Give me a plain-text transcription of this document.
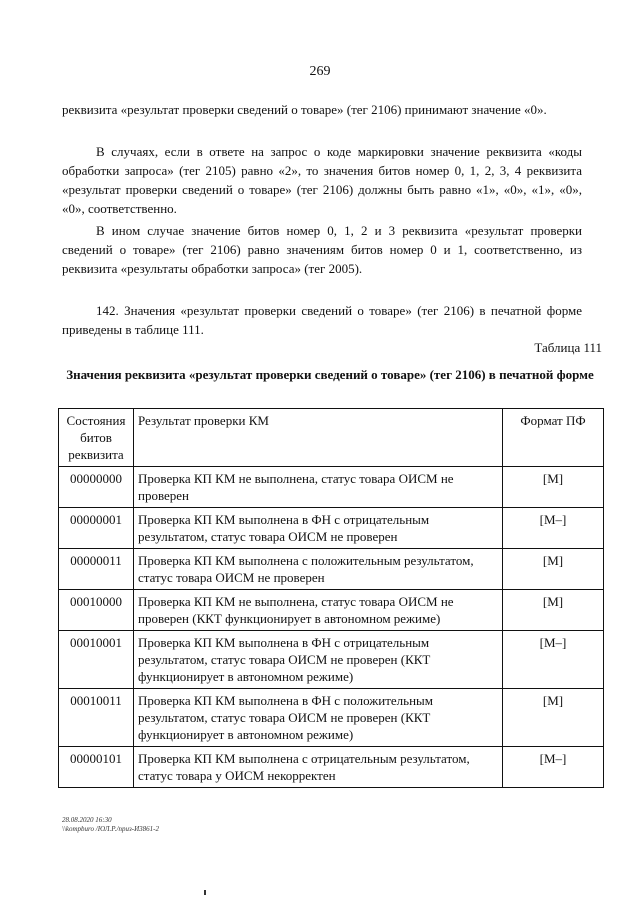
269

реквизита «результат проверки сведений о товаре» (тег 2106) принимают значение «0».

В случаях, если в ответе на запрос о коде маркировки значение реквизита «коды обработки запроса» (тег 2105) равно «2», то значения битов номер 0, 1, 2, 3, 4 реквизита «результат проверки сведений о товаре» (тег 2106) должны быть равно «1», «0», «1», «0», «0», соответственно.

В ином случае значение битов номер 0, 1, 2 и 3 реквизита «результат проверки сведений о товаре» (тег 2106) равно значениям битов номер 0 и 1, соответственно, из реквизита «результаты обработки запроса» (тег 2005).

142. Значения «результат проверки сведений о товаре» (тег 2106) в печатной форме приведены в таблице 111.

Таблица 111
Значения реквизита «результат проверки сведений о товаре» (тег 2106) в печатной форме
Состояния битов реквизита	Результат проверки КМ	Формат ПФ
00000000	Проверка КП КМ не выполнена, статус товара ОИСМ не проверен	[M]
00000001	Проверка КП КМ выполнена в ФН с отрицательным результатом, статус товара ОИСМ не проверен	[M–]
00000011	Проверка КП КМ выполнена с положительным результатом, статус товара ОИСМ не проверен	[M]
00010000	Проверка КП КМ не выполнена, статус товара ОИСМ не проверен (ККТ функционирует в автономном режиме)	[M]
00010001	Проверка КП КМ выполнена в ФН с отрицательным результатом, статус товара ОИСМ не проверен (ККТ функционирует в автономном режиме)	[M–]
00010011	Проверка КП КМ выполнена в ФН с положительным результатом, статус товара ОИСМ не проверен (ККТ функционирует в автономном режиме)	[M]
00000101	Проверка КП КМ выполнена с отрицательным результатом, статус товара у ОИСМ некорректен	[M–]
28.08.2020 16:30
\\kompburo /ЮЛ.Р./приз-И3861-2
